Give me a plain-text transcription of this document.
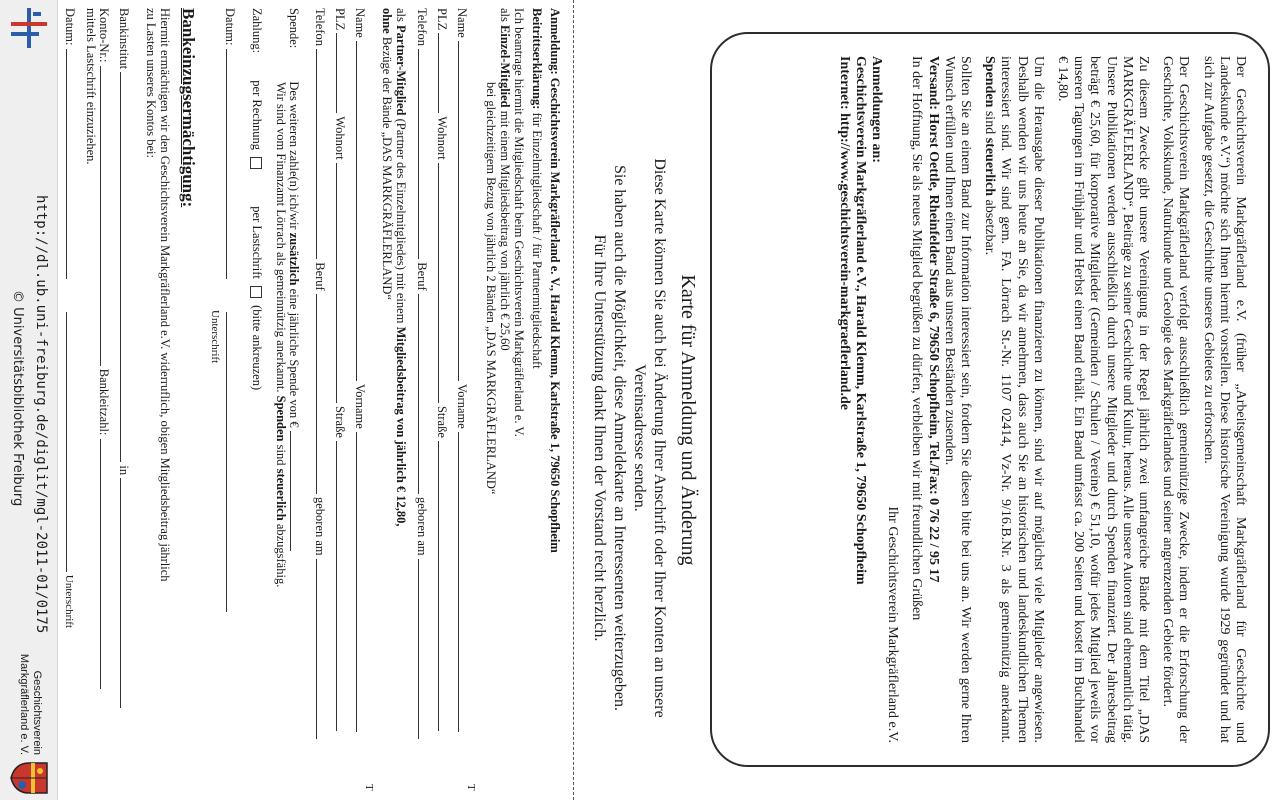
Der Geschichtsverein Markgräflerland e.V. (früher „Arbeitsgemeinschaft Markgräflerland für Geschichte und Landeskunde e.V.“) möchte sich Ihnen hiermit vorstellen. Diese historische Vereinigung wurde 1929 gegründet und hat sich zur Aufgabe gesetzt, die Geschichte unseres Gebietes zu erforschen.

Der Geschichtsverein Markgräflerland verfolgt ausschließlich gemeinnützige Zwecke, indem er die Erforschung der Geschichte, Volkskunde, Naturkunde und Geologie des Markgräflerlandes und seiner angrenzenden Gebiete fördert.

Zu diesem Zwecke gibt unsere Vereinigung in der Regel jährlich zwei umfangreiche Bände mit dem Titel „DAS MARKGRÄFLERLAND“, Beiträge zu seiner Geschichte und Kultur, heraus. Alle unsere Autoren sind ehrenamtlich tätig. Unsere Publikationen werden ausschließlich durch unsere Mitglieder und durch Spenden finanziert. Der Jahresbeitrag beträgt € 25,60, für korporative Mitglieder (Gemeinden / Schulen / Vereine) € 51,10, wofür jedes Mitglied jeweils vor unseren Tagungen im Frühjahr und Herbst einen Band erhält. Ein Band umfasst ca. 200 Seiten und kostet im Buchhandel € 14,80.

Um die Herausgabe dieser Publikationen finanzieren zu können, sind wir auf möglichst viele Mitglieder angewiesen. Deshalb wenden wir uns heute an Sie, da wir annehmen, dass auch Sie an historischen und landeskundlichen Themen interessiert sind. Wir sind gem. FA. Lörrach St.-Nr. 1107 02414, Vz-Nr. 9/16.B.Nr. 3 als gemeinnützig anerkannt. Spenden sind steuerlich absetzbar.

Sollten Sie an einem Band zur Information interessiert sein, fordern Sie diesen bitte bei uns an. Wir werden gerne Ihren Wunsch erfüllen und Ihnen einen Band aus unseren Beständen zusenden.
Versand: Horst Oettle, Rheinfelder Straße 6, 79650 Schopfheim, Tel./Fax: 0 76 22 / 95 17
In der Hoffnung, Sie als neues Mitglied begrüßen zu dürfen, verbleiben wir mit freundlichen Grüßen

Ihr Geschichtsverein Markgräflerland e.V.
Anmeldungen an:
Geschichtsverein Markgräflerland e.V., Harald Klemm, Karlstraße 1, 79650 Schopfheim
Internet: http://www.geschichtsverein-markgraeflerland.de
Karte für Anmeldung und Änderung

Diese Karte können Sie auch bei Änderung Ihrer Anschrift oder Ihrer Konten an unsere

Vereinsadresse senden.

Sie haben auch die Möglichkeit, diese Anmeldekarte an Interessenten weiterzugeben.

Für Ihre Unterstützung dankt Ihnen der Vorstand recht herzlich.

Anmeldung: Geschichtsverein Markgräflerland e. V., Harald Klemm, Karlstraße 1, 79650 Schopfheim
Beitrittserklärung: für Einzelmitgliedschaft / für Partnermitgliedschaft
Ich beantrage hiermit die Mitgliedschaft beim Geschichtsverein Markgräflerland e. V.
als Einzel-Mitglied mit einem Mitgliedsbeitrag von jährlich € 25,60
bei gleichzeitigem Bezug von jährlich 2 Bänden „DAS MARKGRÄFLERLAND“
Name  Vorname
PLZ  Wohnort  Straße
Telefon  Beruf  geboren am
als Partner-Mitglied (Partner des Einzelmitgliedes) mit einem Mitgliedsbeitrag von jährlich € 12,80,
ohne Bezüge der Bände „DAS MARKGRÄFLERLAND“
Name  Vorname
PLZ  Wohnort  Straße
Telefon  Beruf  geboren am
Spende: Des weiteren zahle(n) ich/wir zusätzlich eine jährliche Spende von €
Wir sind vom Finanzamt Lörrach als gemeinnützig anerkannt. Spenden sind steuerlich abzugsfähig.
Zahlung: per Rechnung  per Lastschrift  (bitte ankreuzen)
Datum:
Unterschrift
Bankeinzugsermächtigung:
Hiermit ermächtigen wir den Geschichtsverein Markgräflerland e.V. widerruflich, obigen Mitgliedsbeitrag jährlich
zu Lasten unseres Kontos bei:
Bankinstitut  in
Konto-Nr.:  Bankleitzahl:
mittels Lastschrift einzuziehen.
Datum:   Unterschrift
T
T
http://dl.ub.uni-freiburg.de/diglit/mgl-2011-01/0175
© Universitätsbibliothek Freiburg
Geschichtsverein
Markgräflerland e. V.
